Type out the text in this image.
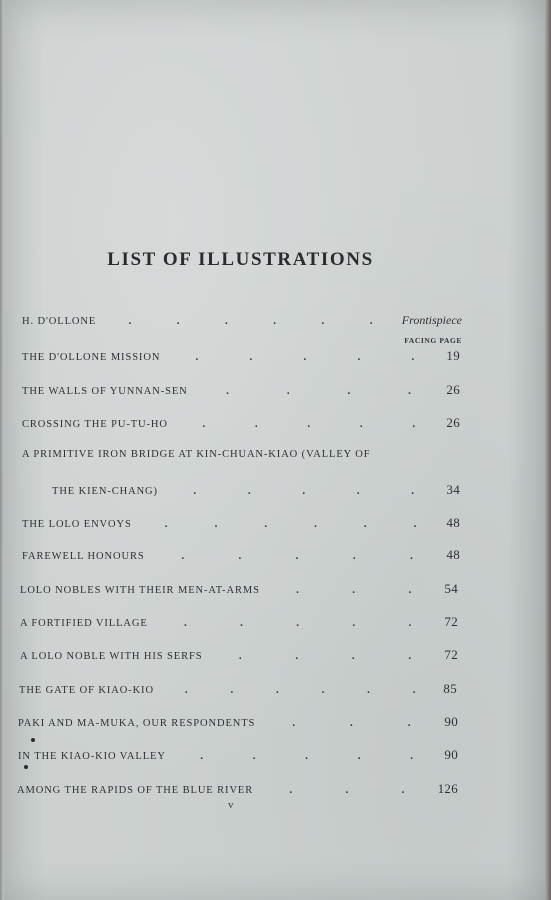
LIST OF ILLUSTRATIONS
FACING PAGE
H. D'OLLONE	.	.	.	.	.	. Frontispiece
THE D'OLLONE MISSION	.	.	.	.	. 19
THE WALLS OF YUNNAN-SEN	.	.	.	.	26
CROSSING THE PU-TU-HO	.	.	.	.	. 26
A PRIMITIVE IRON BRIDGE AT KIN-CHUAN-KIAO (VALLEY OF
THE KIEN-CHANG)	.	.	.	.	. 34
THE LOLO ENVOYS	.	.	.	.	.	. 48
FAREWELL HONOURS	.	.	.	.	.	48
LOLO NOBLES WITH THEIR MEN-AT-ARMS	.	.	. 54
A FORTIFIED VILLAGE	.	.	.	.	. 72
A LOLO NOBLE WITH HIS SERFS	.	.	.	. 72
THE GATE OF KIAO-KIO	.	.	.	.	.	. 85
PAKI AND MA-MUKA, OUR RESPONDENTS	.	.	.	90
IN THE KIAO-KIO VALLEY	.	.	.	.	. 90
AMONG THE RAPIDS OF THE BLUE RIVER	.	.	. 126
v
